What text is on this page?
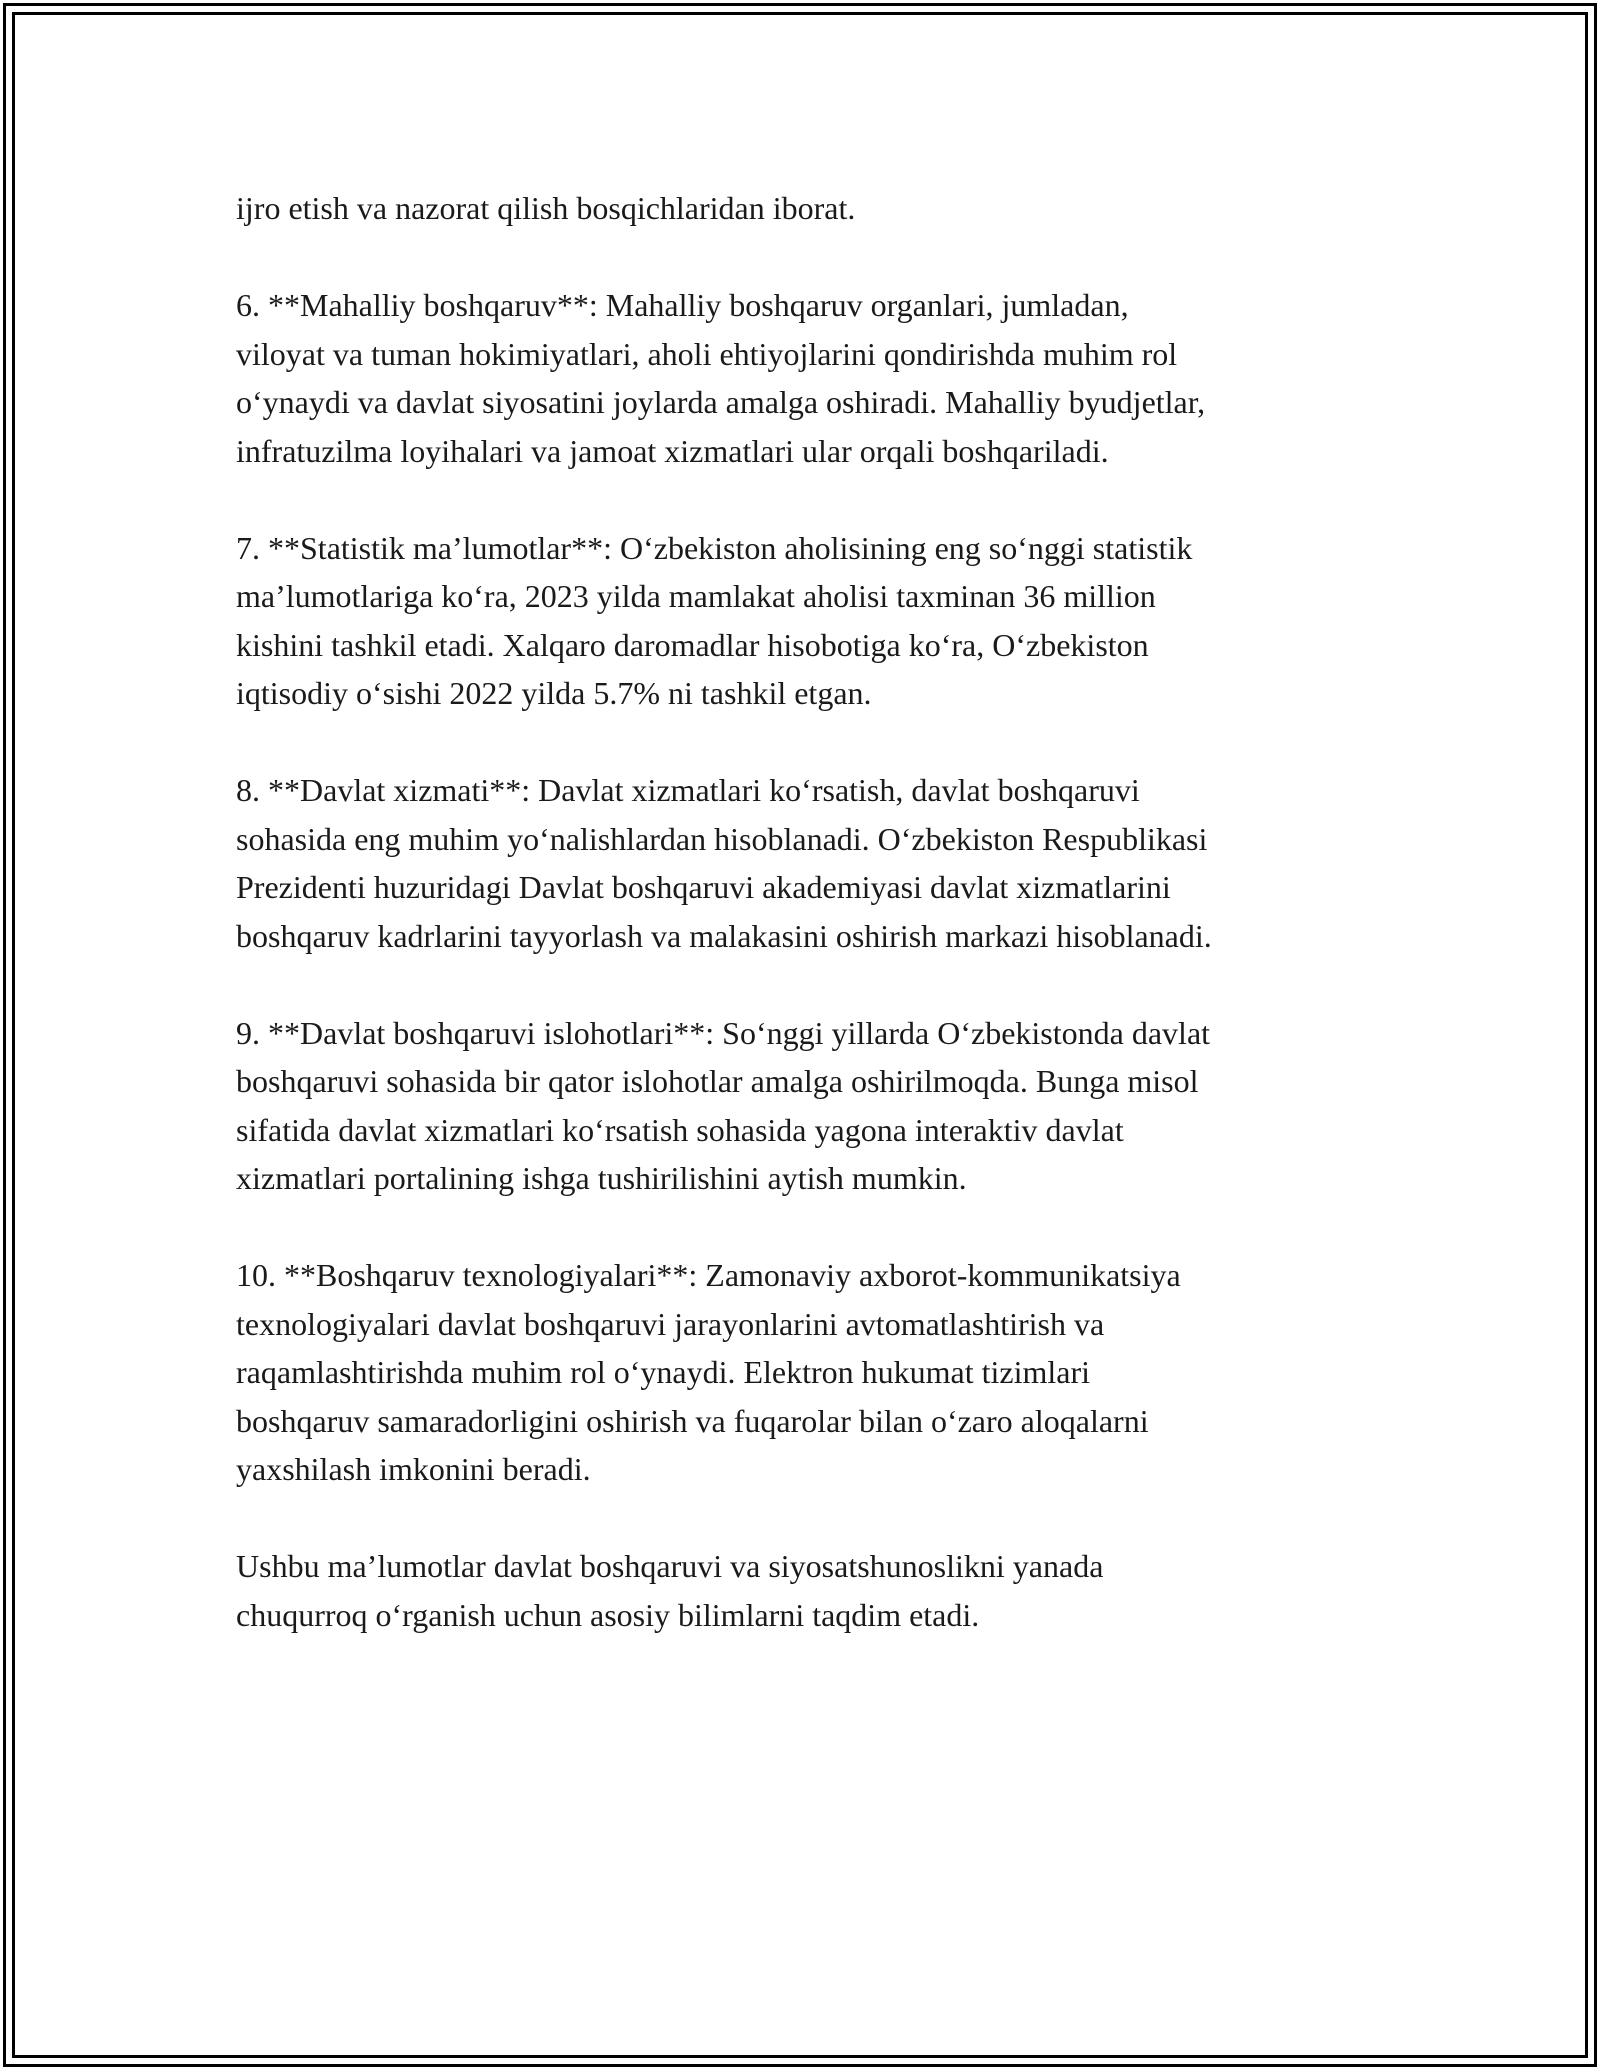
ijro etish va nazorat qilish bosqichlaridan iborat.

6. **Mahalliy boshqaruv**: Mahalliy boshqaruv organlari, jumladan,
viloyat va tuman hokimiyatlari, aholi ehtiyojlarini qondirishda muhim rol
o‘ynaydi va davlat siyosatini joylarda amalga oshiradi. Mahalliy byudjetlar,
infratuzilma loyihalari va jamoat xizmatlari ular orqali boshqariladi.

7. **Statistik ma’lumotlar**: O‘zbekiston aholisining eng so‘nggi statistik
ma’lumotlariga ko‘ra, 2023 yilda mamlakat aholisi taxminan 36 million
kishini tashkil etadi. Xalqaro daromadlar hisobotiga ko‘ra, O‘zbekiston
iqtisodiy o‘sishi 2022 yilda 5.7% ni tashkil etgan.

8. **Davlat xizmati**: Davlat xizmatlari ko‘rsatish, davlat boshqaruvi
sohasida eng muhim yo‘nalishlardan hisoblanadi. O‘zbekiston Respublikasi
Prezidenti huzuridagi Davlat boshqaruvi akademiyasi davlat xizmatlarini
boshqaruv kadrlarini tayyorlash va malakasini oshirish markazi hisoblanadi.

9. **Davlat boshqaruvi islohotlari**: So‘nggi yillarda O‘zbekistonda davlat
boshqaruvi sohasida bir qator islohotlar amalga oshirilmoqda. Bunga misol
sifatida davlat xizmatlari ko‘rsatish sohasida yagona interaktiv davlat
xizmatlari portalining ishga tushirilishini aytish mumkin.

10. **Boshqaruv texnologiyalari**: Zamonaviy axborot-kommunikatsiya
texnologiyalari davlat boshqaruvi jarayonlarini avtomatlashtirish va
raqamlashtirishda muhim rol o‘ynaydi. Elektron hukumat tizimlari
boshqaruv samaradorligini oshirish va fuqarolar bilan o‘zaro aloqalarni
yaxshilash imkonini beradi.

Ushbu ma’lumotlar davlat boshqaruvi va siyosatshunoslikni yanada
chuqurroq o‘rganish uchun asosiy bilimlarni taqdim etadi.
